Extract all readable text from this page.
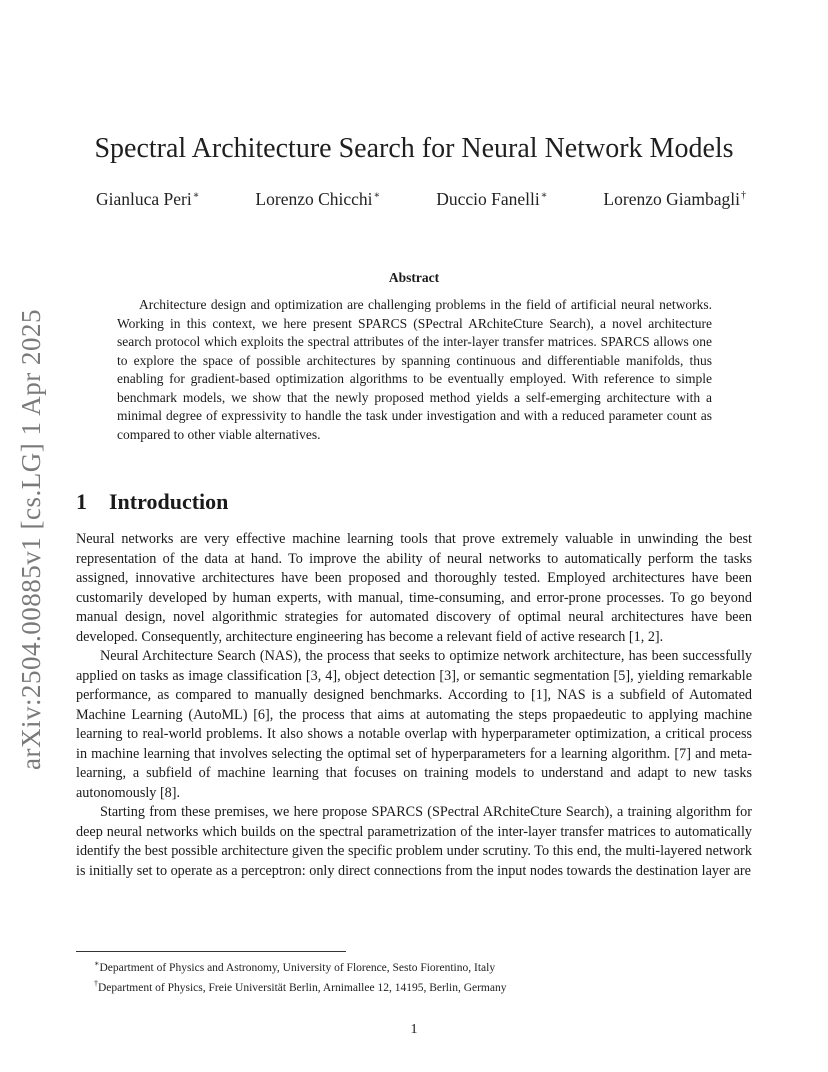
arXiv:2504.00885v1 [cs.LG] 1 Apr 2025
Spectral Architecture Search for Neural Network Models
Gianluca Peri∗	Lorenzo Chicchi∗	Duccio Fanelli∗	Lorenzo Giambagli†
Abstract
Architecture design and optimization are challenging problems in the field of artificial neural networks. Working in this context, we here present SPARCS (SPectral ARchiteCture Search), a novel architecture search protocol which exploits the spectral attributes of the inter-layer transfer matrices. SPARCS allows one to explore the space of possible architectures by spanning continuous and differentiable manifolds, thus enabling for gradient-based optimization algorithms to be eventually employed. With reference to simple benchmark models, we show that the newly proposed method yields a self-emerging architecture with a minimal degree of expressivity to handle the task under investigation and with a reduced parameter count as compared to other viable alternatives.
1 Introduction

Neural networks are very effective machine learning tools that prove extremely valuable in unwinding the best representation of the data at hand. To improve the ability of neural networks to automatically perform the tasks assigned, innovative architectures have been proposed and thoroughly tested. Employed architectures have been customarily developed by human experts, with manual, time-consuming, and error-prone processes. To go beyond manual design, novel algorithmic strategies for automated discovery of optimal neural architectures have been developed. Consequently, architecture engineering has become a relevant field of active research [1, 2].

Neural Architecture Search (NAS), the process that seeks to optimize network architecture, has been successfully applied on tasks as image classification [3, 4], object detection [3], or semantic segmentation [5], yielding remarkable performance, as compared to manually designed benchmarks. According to [1], NAS is a subfield of Automated Machine Learning (AutoML) [6], the process that aims at automating the steps propaedeutic to applying machine learning to real-world problems. It also shows a notable overlap with hyperparameter optimization, a critical process in machine learning that involves selecting the optimal set of hyperparameters for a learning algorithm. [7] and meta-learning, a subfield of machine learning that focuses on training models to understand and adapt to new tasks autonomously [8].

Starting from these premises, we here propose SPARCS (SPectral ARchiteCture Search), a training algorithm for deep neural networks which builds on the spectral parametrization of the inter-layer transfer matrices to automatically identify the best possible architecture given the specific problem under scrutiny. To this end, the multi-layered network is initially set to operate as a perceptron: only direct connections from the input nodes towards the destination layer are

∗Department of Physics and Astronomy, University of Florence, Sesto Fiorentino, Italy
†Department of Physics, Freie Universität Berlin, Arnimallee 12, 14195, Berlin, Germany
1
